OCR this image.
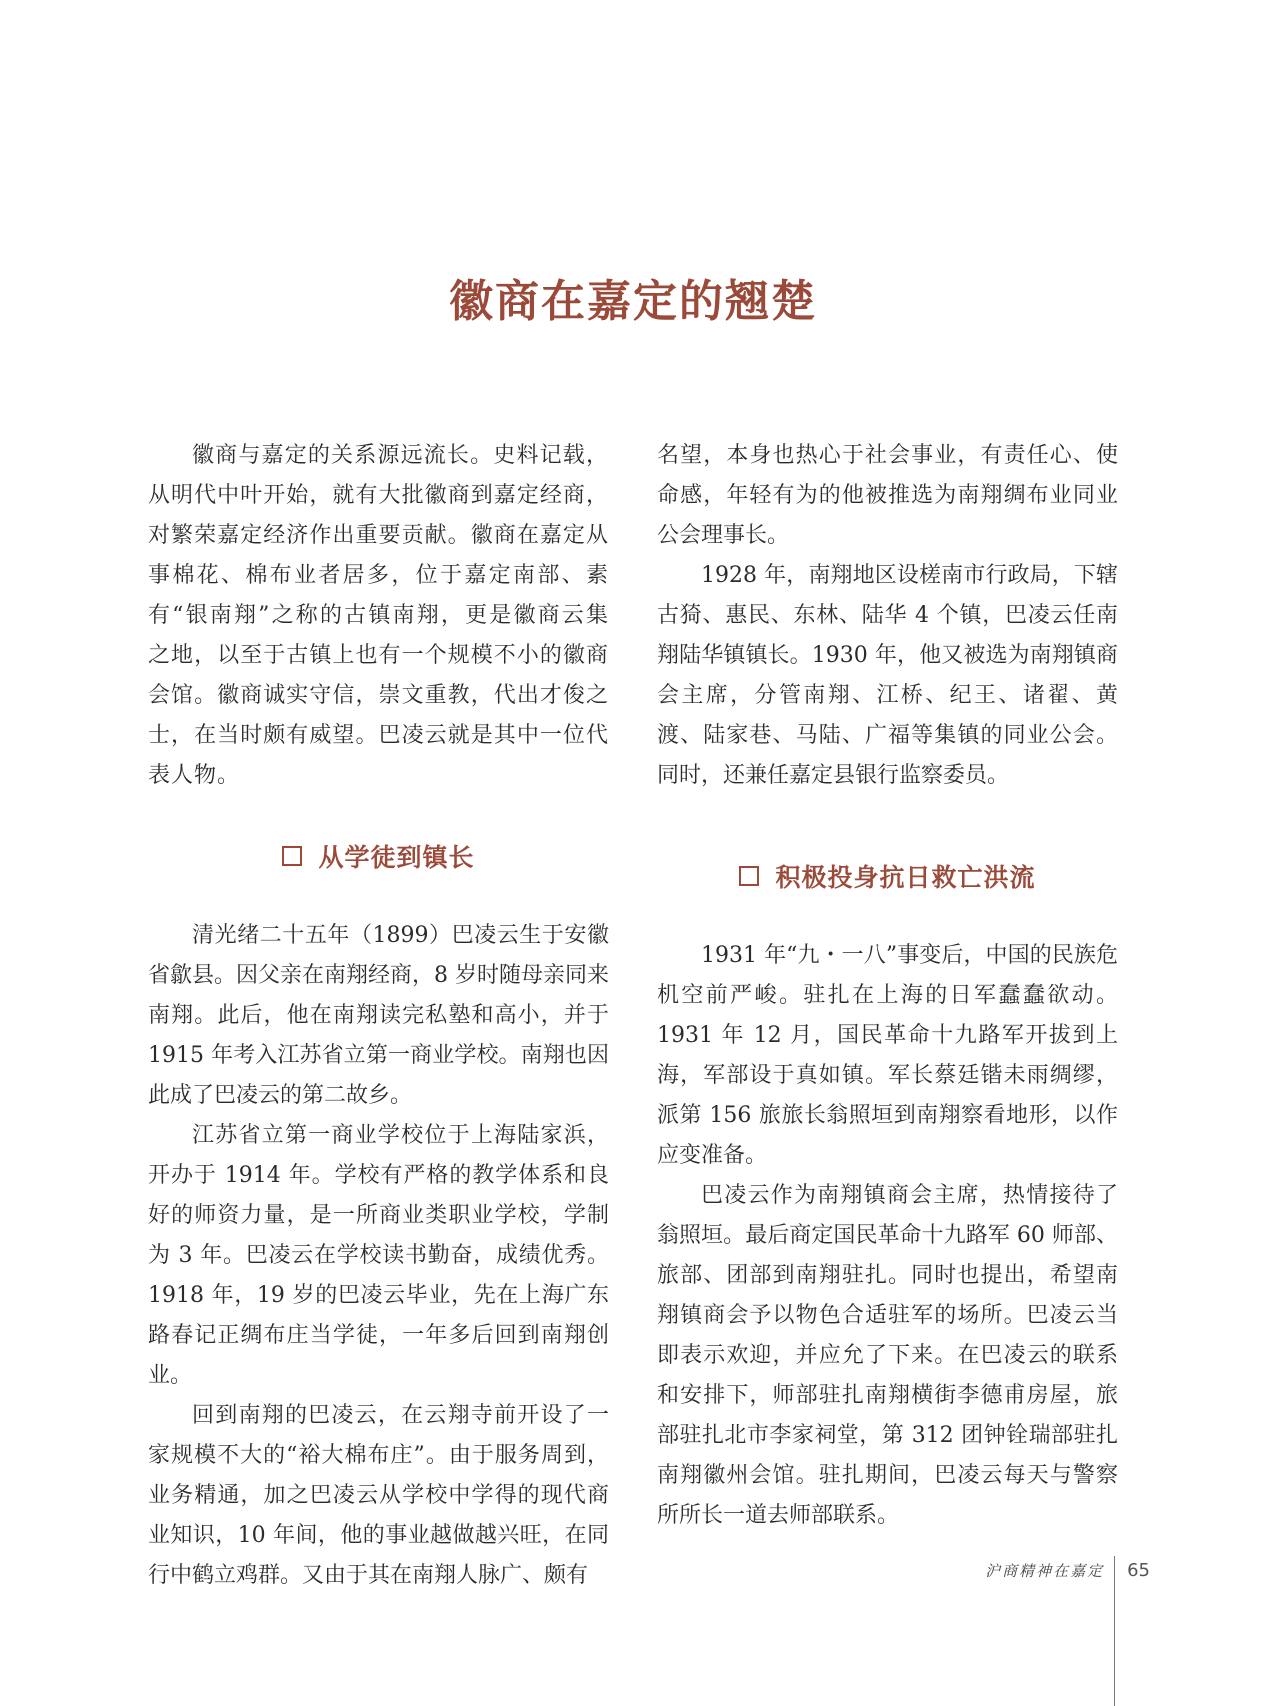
徽商在嘉定的翘楚

徽商与嘉定的关系源远流长。史料记载，从明代中叶开始，就有大批徽商到嘉定经商，对繁荣嘉定经济作出重要贡献。徽商在嘉定从事棉花、棉布业者居多，位于嘉定南部、素有“银南翔”之称的古镇南翔，更是徽商云集之地，以至于古镇上也有一个规模不小的徽商会馆。徽商诚实守信，崇文重教，代出才俊之士，在当时颇有威望。巴凌云就是其中一位代表人物。

从学徒到镇长

清光绪二十五年（1899）巴凌云生于安徽省歙县。因父亲在南翔经商，8 岁时随母亲同来南翔。此后，他在南翔读完私塾和高小，并于 1915 年考入江苏省立第一商业学校。南翔也因此成了巴凌云的第二故乡。

江苏省立第一商业学校位于上海陆家浜，开办于 1914 年。学校有严格的教学体系和良好的师资力量，是一所商业类职业学校，学制为 3 年。巴凌云在学校读书勤奋，成绩优秀。1918 年，19 岁的巴凌云毕业，先在上海广东路春记正绸布庄当学徒，一年多后回到南翔创业。

回到南翔的巴凌云，在云翔寺前开设了一家规模不大的“裕大棉布庄”。由于服务周到，业务精通，加之巴凌云从学校中学得的现代商业知识，10 年间，他的事业越做越兴旺，在同行中鹤立鸡群。又由于其在南翔人脉广、颇有

名望，本身也热心于社会事业，有责任心、使命感，年轻有为的他被推选为南翔绸布业同业公会理事长。

1928 年，南翔地区设槎南市行政局，下辖古猗、惠民、东林、陆华 4 个镇，巴凌云任南翔陆华镇镇长。1930 年，他又被选为南翔镇商会主席，分管南翔、江桥、纪王、诸翟、黄渡、陆家巷、马陆、广福等集镇的同业公会。同时，还兼任嘉定县银行监察委员。

积极投身抗日救亡洪流

1931 年“九・一八”事变后，中国的民族危机空前严峻。驻扎在上海的日军蠢蠢欲动。1931 年 12 月，国民革命十九路军开拔到上海，军部设于真如镇。军长蔡廷锴未雨绸缪，派第 156 旅旅长翁照垣到南翔察看地形，以作应变准备。

巴凌云作为南翔镇商会主席，热情接待了翁照垣。最后商定国民革命十九路军 60 师部、旅部、团部到南翔驻扎。同时也提出，希望南翔镇商会予以物色合适驻军的场所。巴凌云当即表示欢迎，并应允了下来。在巴凌云的联系和安排下，师部驻扎南翔横街李德甫房屋，旅部驻扎北市李家祠堂，第 312 团钟铨瑞部驻扎南翔徽州会馆。驻扎期间，巴凌云每天与警察所所长一道去师部联系。

沪商精神在嘉定	65
